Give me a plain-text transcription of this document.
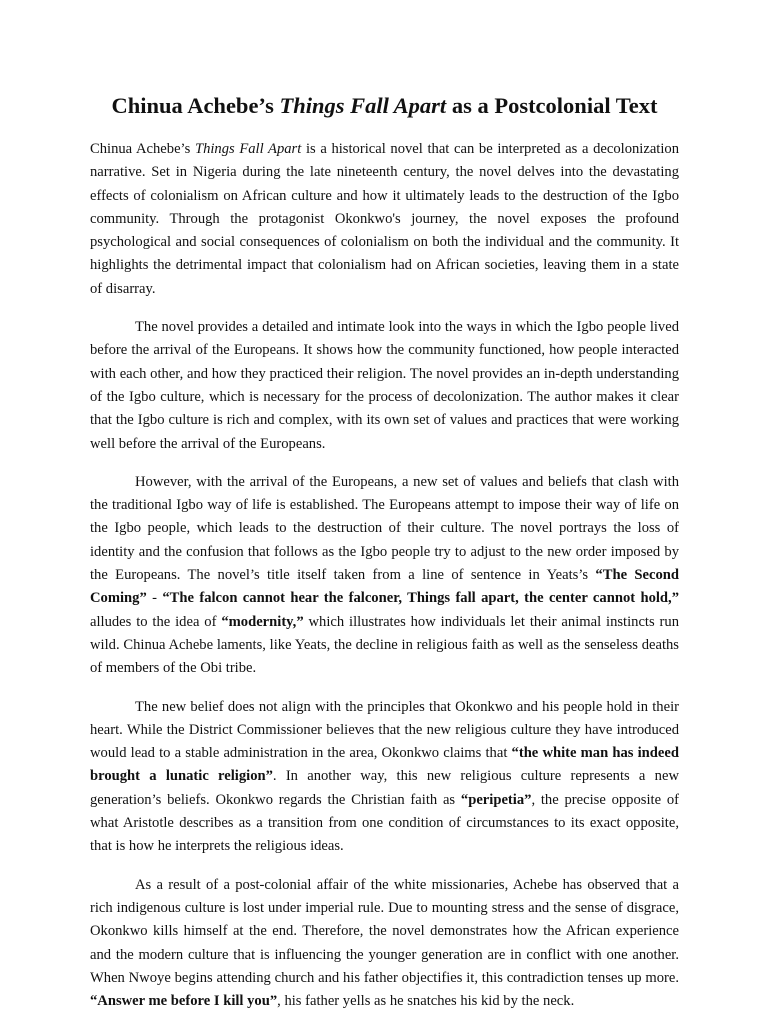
Chinua Achebe’s Things Fall Apart as a Postcolonial Text

Chinua Achebe’s Things Fall Apart is a historical novel that can be interpreted as a decolonization narrative. Set in Nigeria during the late nineteenth century, the novel delves into the devastating effects of colonialism on African culture and how it ultimately leads to the destruction of the Igbo community. Through the protagonist Okonkwo's journey, the novel exposes the profound psychological and social consequences of colonialism on both the individual and the community. It highlights the detrimental impact that colonialism had on African societies, leaving them in a state of disarray.

The novel provides a detailed and intimate look into the ways in which the Igbo people lived before the arrival of the Europeans. It shows how the community functioned, how people interacted with each other, and how they practiced their religion. The novel provides an in-depth understanding of the Igbo culture, which is necessary for the process of decolonization. The author makes it clear that the Igbo culture is rich and complex, with its own set of values and practices that were working well before the arrival of the Europeans.

However, with the arrival of the Europeans, a new set of values and beliefs that clash with the traditional Igbo way of life is established. The Europeans attempt to impose their way of life on the Igbo people, which leads to the destruction of their culture. The novel portrays the loss of identity and the confusion that follows as the Igbo people try to adjust to the new order imposed by the Europeans. The novel’s title itself taken from a line of sentence in Yeats’s “The Second Coming” - “The falcon cannot hear the falconer, Things fall apart, the center cannot hold,” alludes to the idea of “modernity,” which illustrates how individuals let their animal instincts run wild. Chinua Achebe laments, like Yeats, the decline in religious faith as well as the senseless deaths of members of the Obi tribe.

The new belief does not align with the principles that Okonkwo and his people hold in their heart. While the District Commissioner believes that the new religious culture they have introduced would lead to a stable administration in the area, Okonkwo claims that “the white man has indeed brought a lunatic religion”. In another way, this new religious culture represents a new generation’s beliefs. Okonkwo regards the Christian faith as “peripetia”, the precise opposite of what Aristotle describes as a transition from one condition of circumstances to its exact opposite, that is how he interprets the religious ideas.

As a result of a post-colonial affair of the white missionaries, Achebe has observed that a rich indigenous culture is lost under imperial rule. Due to mounting stress and the sense of disgrace, Okonkwo kills himself at the end. Therefore, the novel demonstrates how the African experience and the modern culture that is influencing the younger generation are in conflict with one another. When Nwoye begins attending church and his father objectifies it, this contradiction tenses up more. “Answer me before I kill you”, his father yells as he snatches his kid by the neck.
